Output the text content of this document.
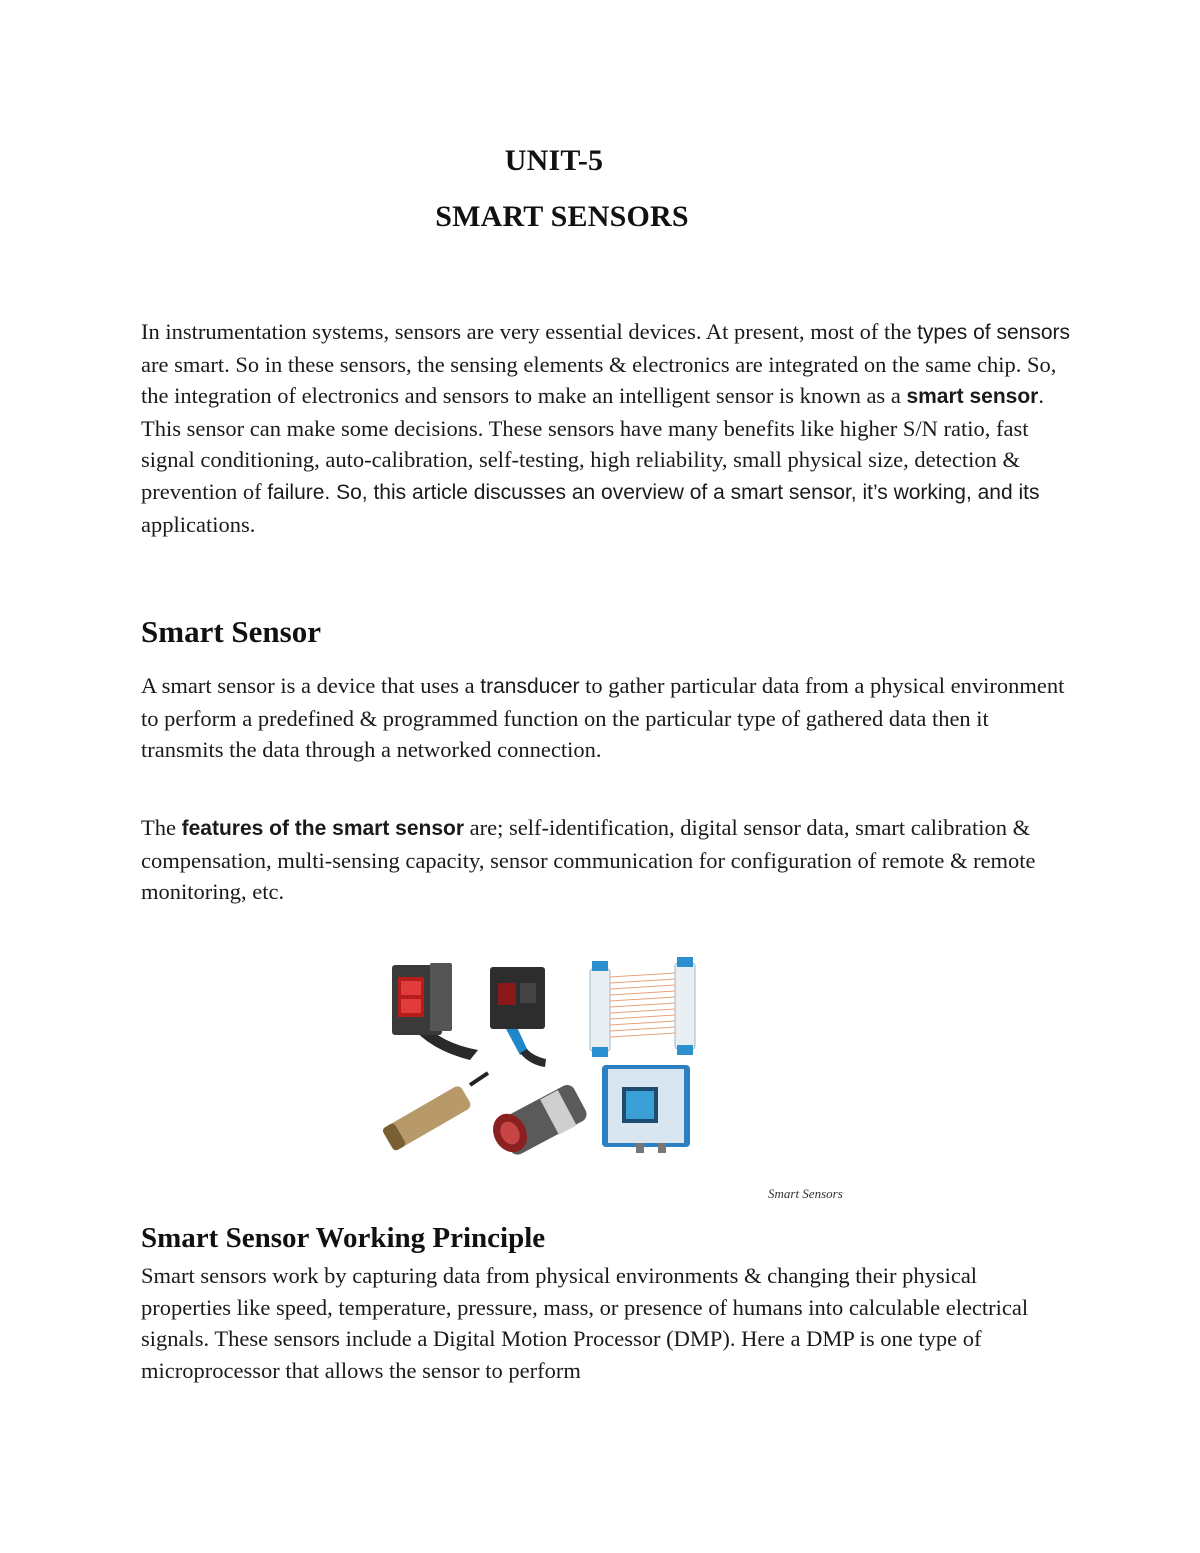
UNIT-5
SMART SENSORS

In instrumentation systems, sensors are very essential devices. At present, most of the types of sensors are smart. So in these sensors, the sensing elements & electronics are integrated on the same chip. So, the integration of electronics and sensors to make an intelligent sensor is known as a smart sensor. This sensor can make some decisions. These sensors have many benefits like higher S/N ratio, fast signal conditioning, auto-calibration, self-testing, high reliability, small physical size, detection & prevention of failure. So, this article discusses an overview of a smart sensor, it’s working, and its applications.

Smart Sensor

A smart sensor is a device that uses a transducer to gather particular data from a physical environment to perform a predefined & programmed function on the particular type of gathered data then it transmits the data through a networked connection.

The features of the smart sensor are; self-identification, digital sensor data, smart calibration & compensation, multi-sensing capacity, sensor communication for configuration of remote & remote monitoring, etc.

Smart Sensors
Smart Sensor Working Principle

Smart sensors work by capturing data from physical environments & changing their physical properties like speed, temperature, pressure, mass, or presence of humans into calculable electrical signals. These sensors include a Digital Motion Processor (DMP). Here a DMP is one type of microprocessor that allows the sensor to perform
